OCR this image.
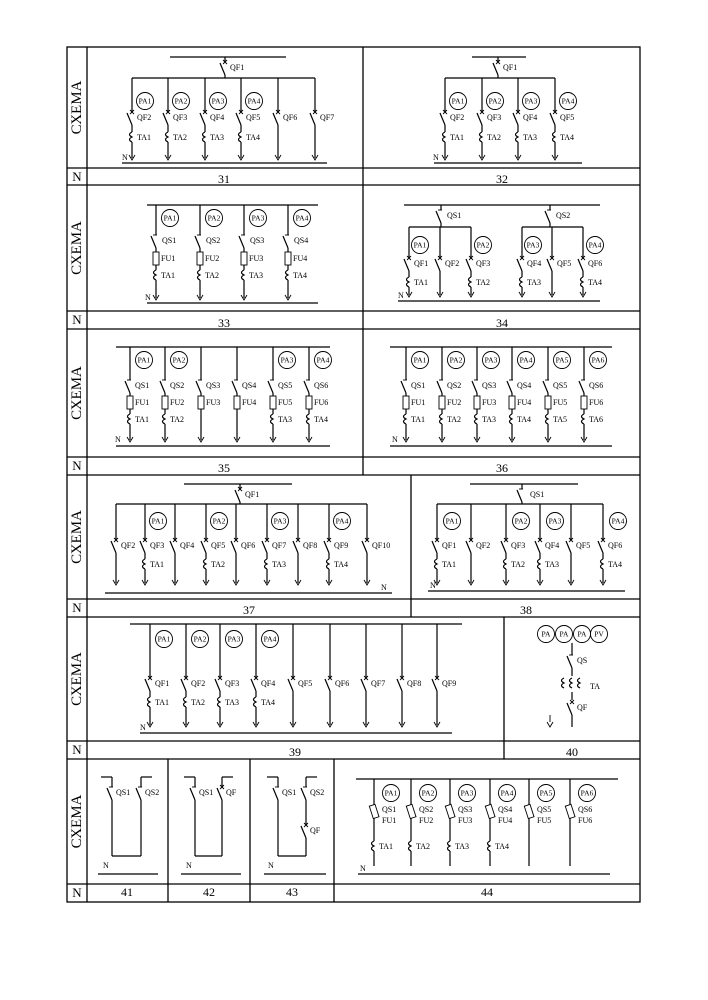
СХЕМА
N
СХЕМА
N
СХЕМА
N
СХЕМА
N
СХЕМА
N
СХЕМА
N
31	32
33	34
35	36
37	38
39	40
41	42	43	44
QF1
PA1
QF2
TA1
PA2
QF3
TA2
PA3
QF4
TA3
PA4
QF5
TA4
QF6	QF7
N
QF1
PA1
QF2
TA1
PA2
QF3
TA2
PA3
QF4
TA3
PA4
QF5
TA4
N
PA1
QS1
FU1
TA1
PA2
QS2
FU2
TA2
PA3
QS3
FU3
TA3
PA4
QS4
FU4
TA4
N
QS1	QS2
QF1
PA1
TA1
QF2 QF3
PA2
TA2
QF4
PA3
TA3
QF5 QF6
PA4
TA4
N
PA1
QS1
FU1
TA1
PA2
QS2
FU2
TA2
QS3
FU3
QS4
FU4
PA3
QS5
FU5
TA3
PA4
QS6
FU6
TA4
N
PA1
QS1
FU1
TA1
PA2
QS2
FU2
TA2
PA3
QS3
FU3
TA3
PA4
QS4
FU4
TA4
PA5
QS5
FU5
TA5
PA6
QS6
FU6
TA6
N
QF1
QF2
PA1
QF3
TA1
QF4
PA2
QF5
TA2
QF6
PA3
QF7
TA3
QF8
PA4
QF9
TA4
QF10
N
QS1
PA1
QF1
TA1
QF2
PA2
QF3
TA2
PA3
QF4
TA3
QF5
PA4
QF6
TA4
N
PA1
QF1
TA1
PA2
QF2
TA2
PA3
QF3
TA3
PA4
QF4
TA4
QF5	QF6	QF7	QF8	QF9
N
PA PA PA PV
QS
TA
QF
QS1 QS2
N
QS1 QF
N
QS1 QS2
QF
N
PA1
QS1
FU1
TA1
PA2
QS2
FU2
TA2
PA3
QS3
FU3
TA3
PA4
QS4
FU4
TA4
PA5
QS5
FU5
PA6
QS6
FU6
N
